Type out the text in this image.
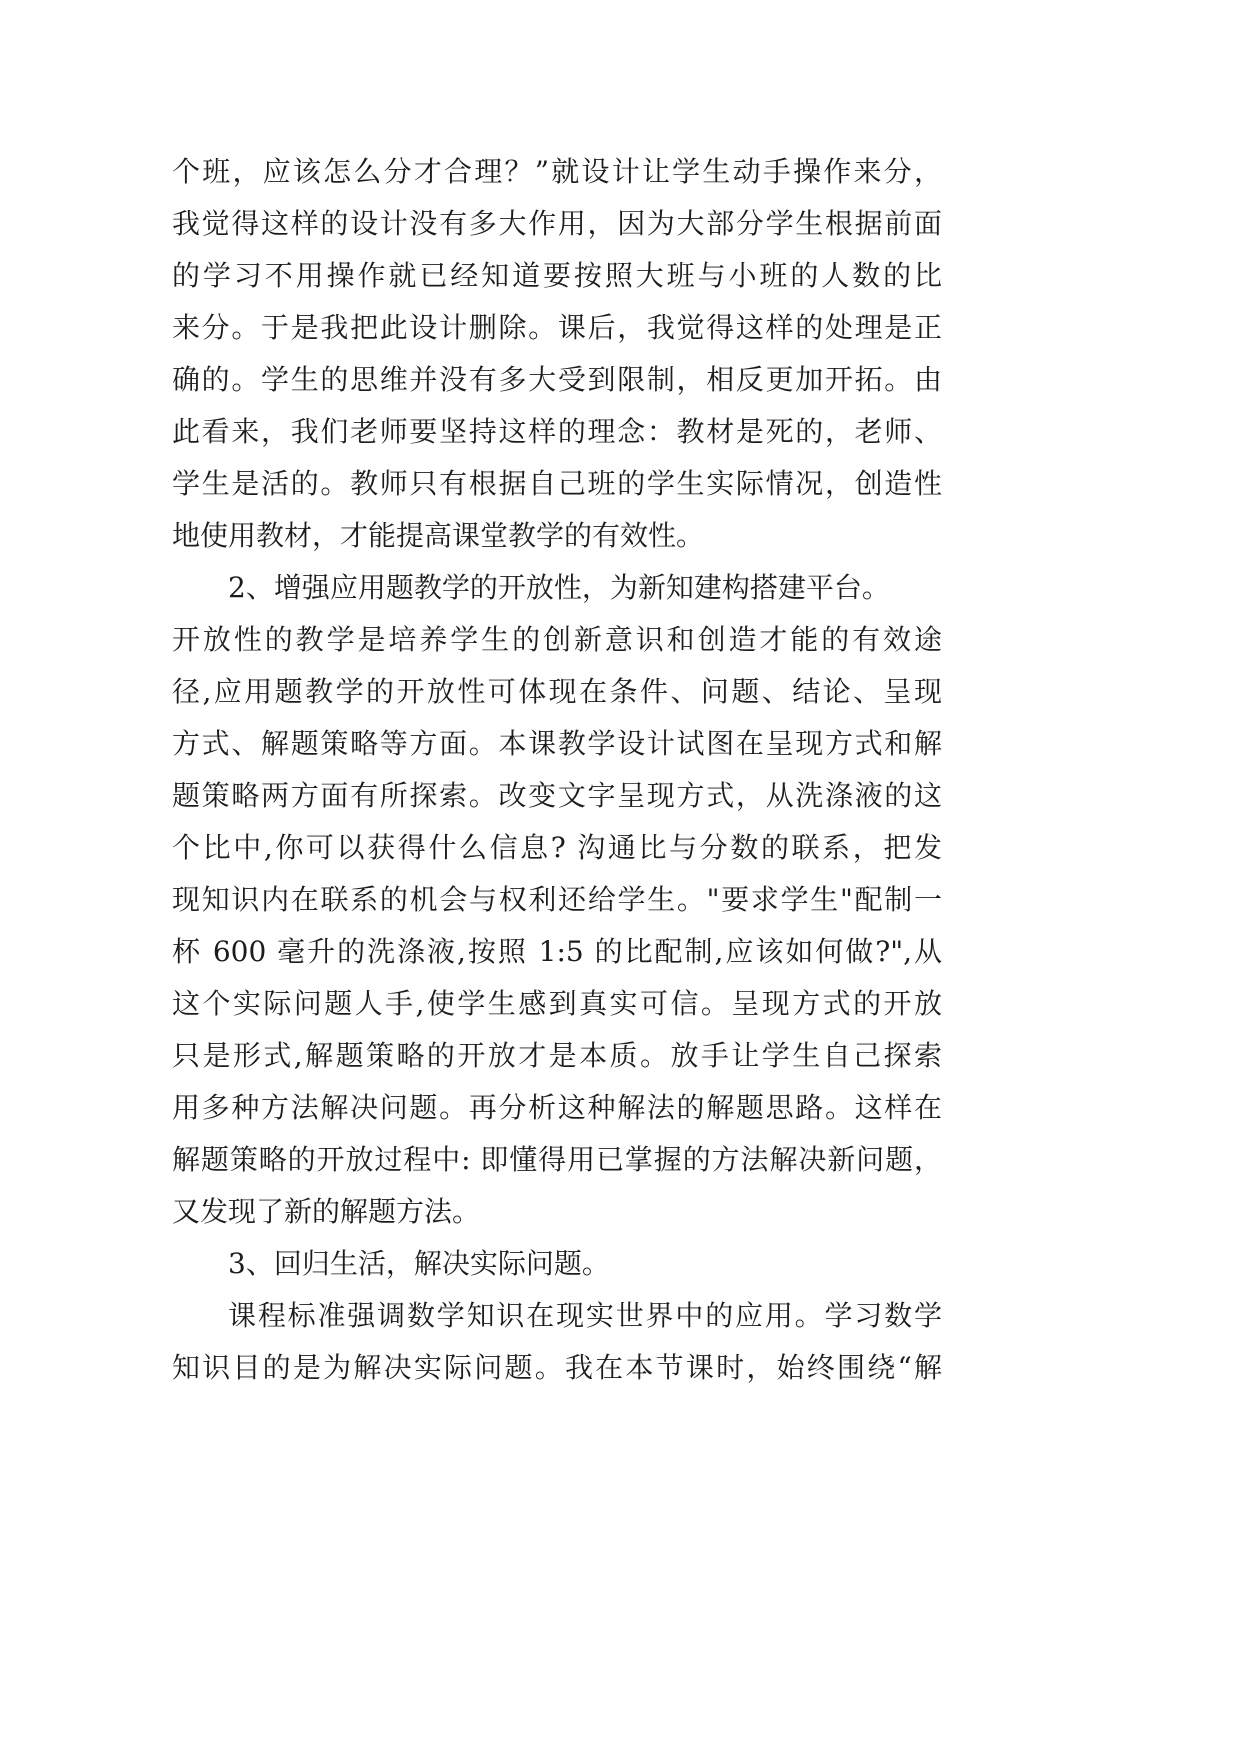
个班，应该怎么分才合理？”就设计让学生动手操作来分，
我觉得这样的设计没有多大作用，因为大部分学生根据前面
的学习不用操作就已经知道要按照大班与小班的人数的比
来分。于是我把此设计删除。课后，我觉得这样的处理是正
确的。学生的思维并没有多大受到限制，相反更加开拓。由
此看来，我们老师要坚持这样的理念：教材是死的，老师、
学生是活的。教师只有根据自己班的学生实际情况，创造性
地使用教材，才能提高课堂教学的有效性。
2、增强应用题教学的开放性，为新知建构搭建平台。
开放性的教学是培养学生的创新意识和创造才能的有效途
径,应用题教学的开放性可体现在条件、问题、结论、呈现
方式、解题策略等方面。本课教学设计试图在呈现方式和解
题策略两方面有所探索。改变文字呈现方式，从洗涤液的这
个比中,你可以获得什么信息? 沟通比与分数的联系，把发
现知识内在联系的机会与权利还给学生。"要求学生"配制一
杯 600 毫升的洗涤液,按照 1:5 的比配制,应该如何做?",从
这个实际问题人手,使学生感到真实可信。呈现方式的开放
只是形式,解题策略的开放才是本质。放手让学生自己探索
用多种方法解决问题。再分析这种解法的解题思路。这样在
解题策略的开放过程中: 即懂得用已掌握的方法解决新问题，
又发现了新的解题方法。
3、回归生活，解决实际问题。
课程标准强调数学知识在现实世界中的应用。学习数学
知识目的是为解决实际问题。我在本节课时，始终围绕“解
